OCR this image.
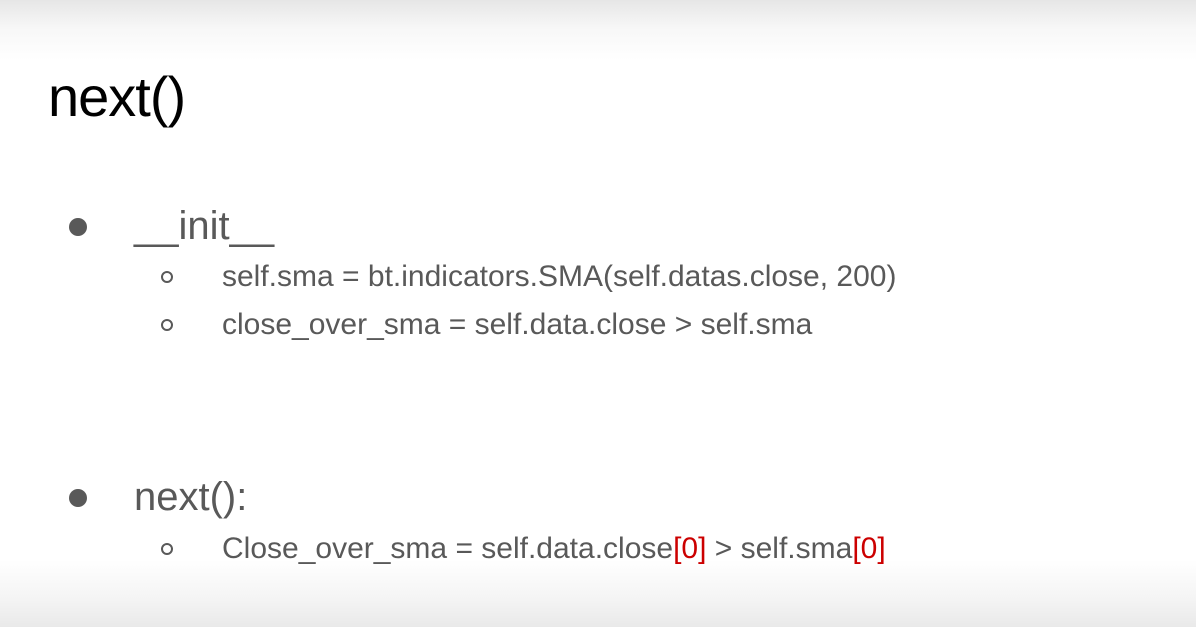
next()
__init__
self.sma = bt.indicators.SMA(self.datas.close, 200)
close_over_sma = self.data.close > self.sma
next():
Close_over_sma = self.data.close[0] > self.sma[0]
